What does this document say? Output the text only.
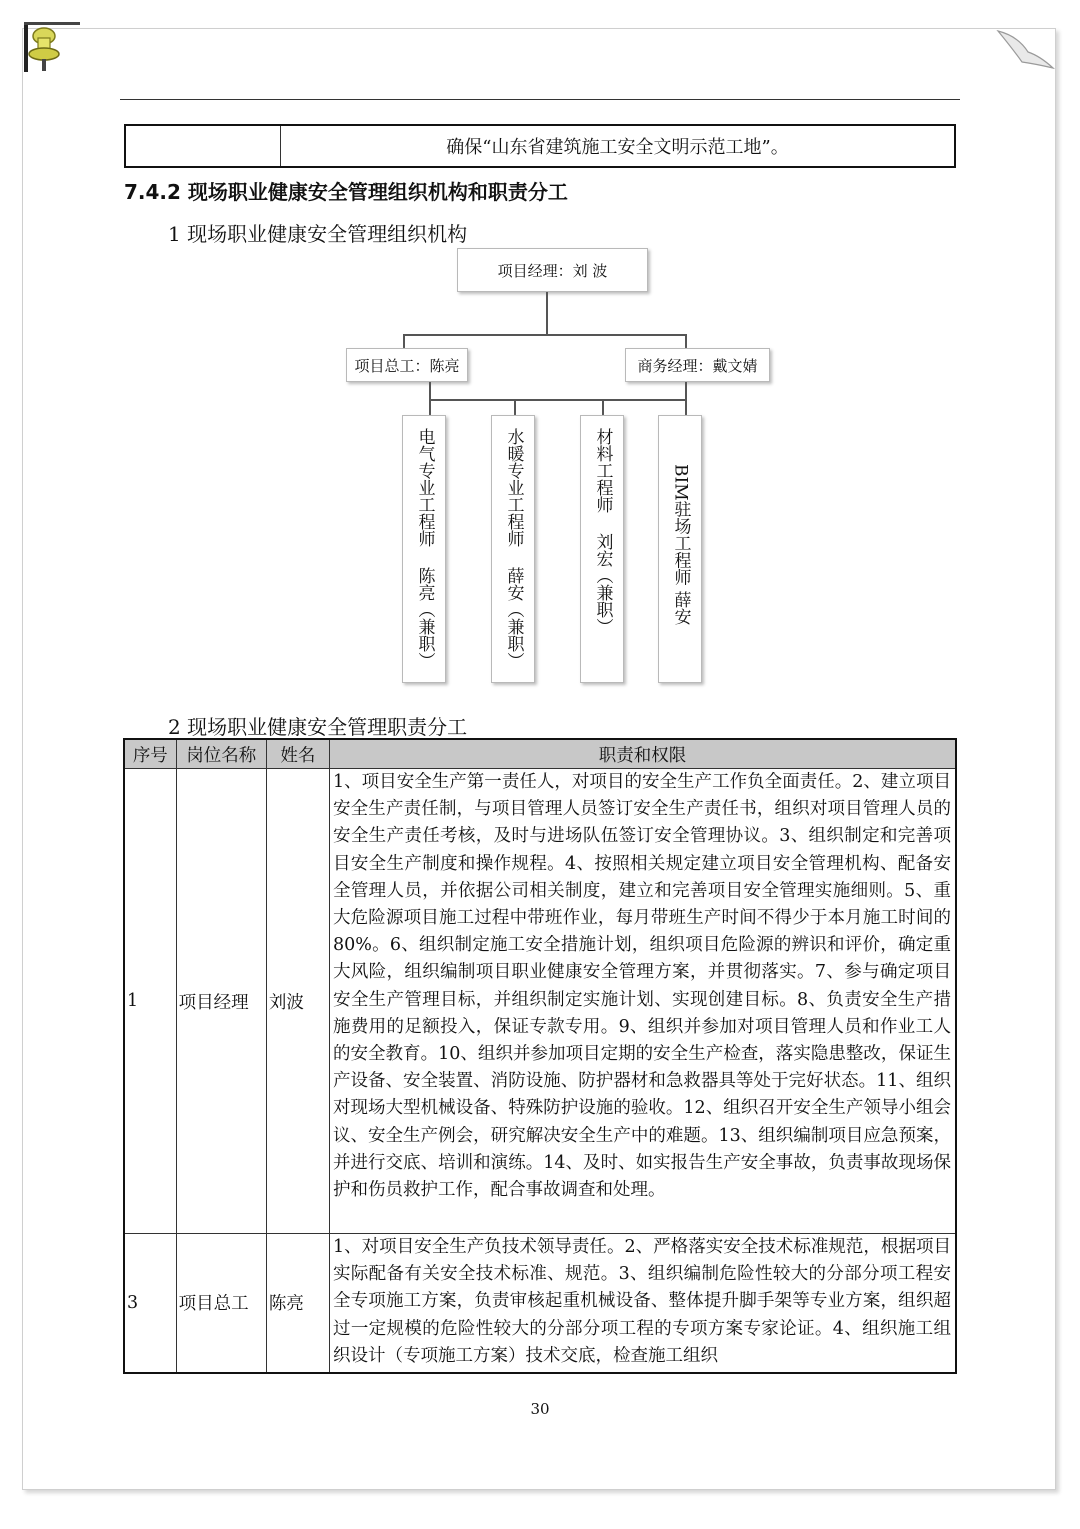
确保“山东省建筑施工安全文明示范工地”。
7.4.2 现场职业健康安全管理组织机构和职责分工
1 现场职业健康安全管理组织机构
项目经理：刘 波
项目总工：陈亮	商务经理：戴文婧
电气专业工程师 陈亮（兼职）	水暖专业工程师 薛安（兼职）	材料工程师 刘宏（兼职）	BIM驻场工程师 薛安
2 现场职业健康安全管理职责分工
序号	岗位名称	姓名	职责和权限
1	项目经理	刘波	1、项目安全生产第一责任人，对项目的安全生产工作负全面责任。2、建立项目安全生产责任制，与项目管理人员签订安全生产责任书，组织对项目管理人员的安全生产责任考核，及时与进场队伍签订安全管理协议。3、组织制定和完善项目安全生产制度和操作规程。4、按照相关规定建立项目安全管理机构、配备安全管理人员，并依据公司相关制度，建立和完善项目安全管理实施细则。5、重大危险源项目施工过程中带班作业，每月带班生产时间不得少于本月施工时间的80%。6、组织制定施工安全措施计划，组织项目危险源的辨识和评价，确定重大风险，组织编制项目职业健康安全管理方案，并贯彻落实。7、参与确定项目安全生产管理目标，并组织制定实施计划、实现创建目标。8、负责安全生产措施费用的足额投入，保证专款专用。9、组织并参加对项目管理人员和作业工人的安全教育。10、组织并参加项目定期的安全生产检查，落实隐患整改，保证生产设备、安全装置、消防设施、防护器材和急救器具等处于完好状态。11、组织对现场大型机械设备、特殊防护设施的验收。12、组织召开安全生产领导小组会议、安全生产例会，研究解决安全生产中的难题。13、组织编制项目应急预案，并进行交底、培训和演练。14、及时、如实报告生产安全事故，负责事故现场保护和伤员救护工作，配合事故调查和处理。
3	项目总工	陈亮	1、对项目安全生产负技术领导责任。2、严格落实安全技术标准规范，根据项目实际配备有关安全技术标准、规范。3、组织编制危险性较大的分部分项工程安全专项施工方案，负责审核起重机械设备、整体提升脚手架等专业方案，组织超过一定规模的危险性较大的分部分项工程的专项方案专家论证。4、组织施工组织设计（专项施工方案）技术交底，检查施工组织
30
